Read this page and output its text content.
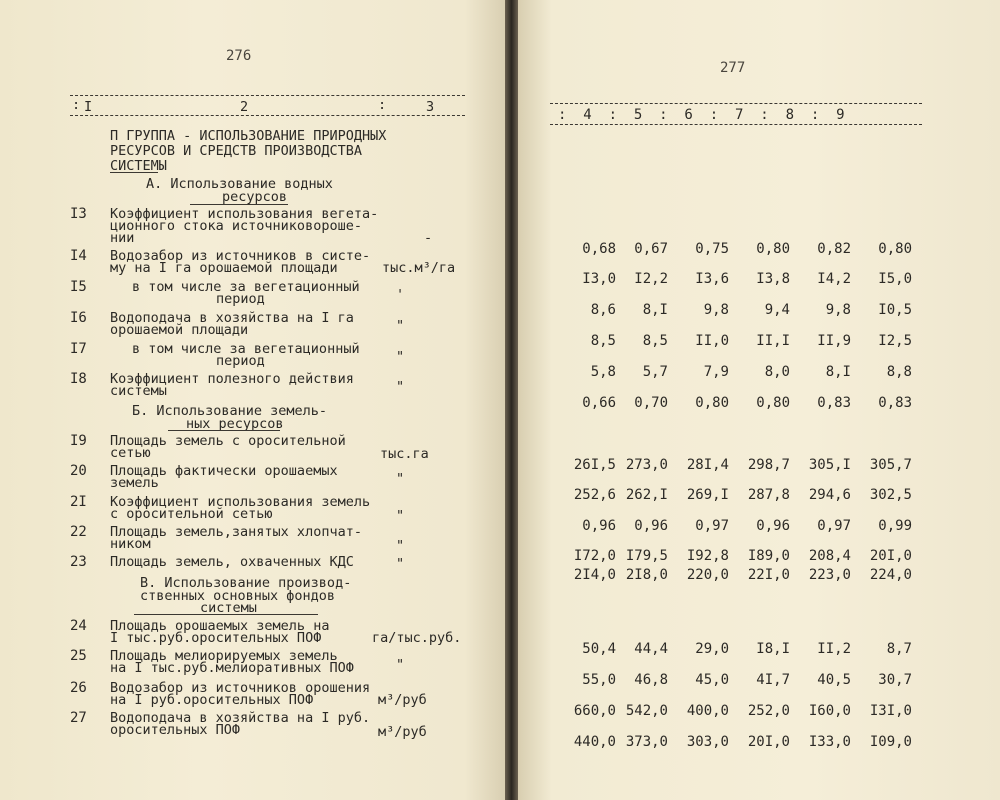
276
I	2	3
:	:
П ГРУППА - ИСПОЛЬЗОВАНИЕ ПРИРОДНЫХ
РЕСУРСОВ И СРЕДСТВ ПРОИЗВОДСТВА
СИСТЕМЫ
А. Использование водных
ресурсов
I3 Коэффициент использования вегета-
ционного стока источниковороше-
нии	-
I4 Водозабор из источников в систе-
му на I га орошаемой площади	тыс.м³/га
I5	в том числе за вегетационный
период	'
I6 Водоподача в хозяйства на I га
орошаемой площади	"
I7	в том числе за вегетационный
период	"
I8 Коэффициент полезного действия
системы	"
I9 Площадь земель с оросительной
сетью	тыс.га
20 Площадь фактически орошаемых
земель	"
2I Коэффициент использования земель
с оросительной сетью	"
22 Площадь земель,занятых хлопчат-
ником	"
23 Площадь земель, охваченных КДС	"
24 Площадь орошаемых земель на
I тыс.руб.оросительных ПОФ	га/тыс.руб.
25 Площадь мелиорируемых земель
на I тыс.руб.мелиоративных ПОФ	"
26 Водозабор из источников орошения
на I руб.оросительных ПОФ	м³/руб
27 Водоподача в хозяйства на I руб.
оросительных ПОФ	м³/руб
Б. Использование земель-
ных ресурсов
В. Использование производ-
ственных основных фондов
системы
277
:  4  :  5  :  6  :  7  :  8  :  9
0,68	0,67	0,75	0,80	0,82	0,80
I3,0	I2,2	I3,6	I3,8	I4,2	I5,0
8,6	8,I	9,8	9,4	9,8	I0,5
8,5	8,5	II,0	II,I	II,9	I2,5
5,8	5,7	7,9	8,0	8,I	8,8
0,66	0,70	0,80	0,80	0,83	0,83
26I,5 273,0	28I,4	298,7	305,I	305,7
252,6 262,I	269,I	287,8	294,6	302,5
0,96	0,96	0,97	0,96	0,97	0,99
I72,0 I79,5	I92,8	I89,0	208,4	20I,0
2I4,0 2I8,0	220,0	22I,0	223,0	224,0
50,4	44,4	29,0	I8,I	II,2	8,7
55,0	46,8	45,0	4I,7	40,5	30,7
660,0 542,0	400,0	252,0	I60,0	I3I,0
440,0 373,0	303,0	20I,0	I33,0	I09,0
